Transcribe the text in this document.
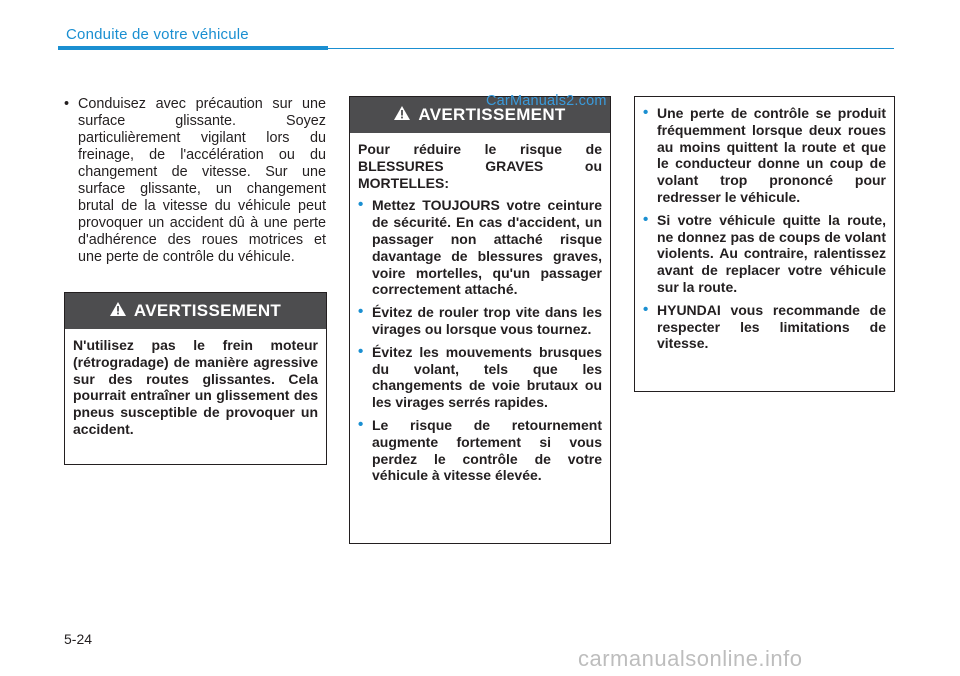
Conduite de votre véhicule
• Conduisez avec précaution sur une surface glissante. Soyez particulièrement vigilant lors du freinage, de l'accélération ou du changement de vitesse. Sur une surface glissante, un changement brutal de la vitesse du véhicule peut provoquer un accident dû à une perte d'adhérence des roues motrices et une perte de contrôle du véhicule.
AVERTISSEMENT

N'utilisez pas le frein moteur (rétrogradage) de manière agressive sur des routes glissantes. Cela pourrait entraîner un glissement des pneus susceptible de provoquer un accident.

AVERTISSEMENT

Pour réduire le risque de BLESSURES GRAVES ou MORTELLES:

• Mettez TOUJOURS votre ceinture de sécurité. En cas d'accident, un passager non attaché risque davantage de blessures graves, voire mortelles, qu'un passager correctement attaché.
• Évitez de rouler trop vite dans les virages ou lorsque vous tournez.
• Évitez les mouvements brusques du volant, tels que les changements de voie brutaux ou les virages serrés rapides.
• Le risque de retournement augmente fortement si vous perdez le contrôle de votre véhicule à vitesse élevée.
• Une perte de contrôle se produit fréquemment lorsque deux roues au moins quittent la route et que le conducteur donne un coup de volant trop prononcé pour redresser le véhicule.
• Si votre véhicule quitte la route, ne donnez pas de coups de volant violents. Au contraire, ralentissez avant de replacer votre véhicule sur la route.
• HYUNDAI vous recommande de respecter les limitations de vitesse.
CarManuals2.com
5-24
carmanualsonline.info
